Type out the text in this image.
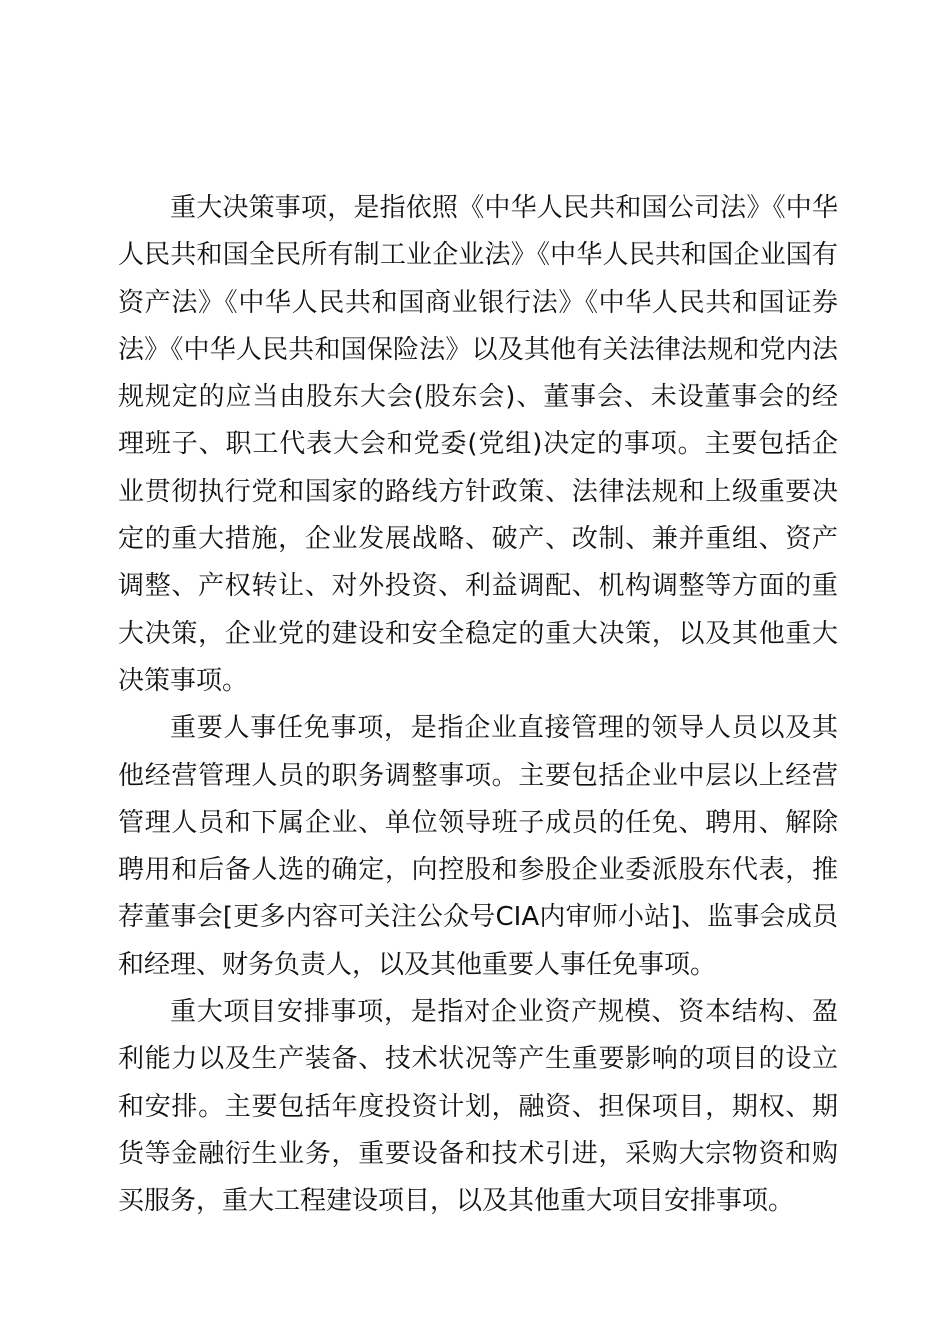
重大决策事项，是指依照《中华人民共和国公司法》《中华人民共和国全民所有制工业企业法》《中华人民共和国企业国有资产法》《中华人民共和国商业银行法》《中华人民共和国证券法》《中华人民共和国保险法》以及其他有关法律法规和党内法规规定的应当由股东大会(股东会)、董事会、未设董事会的经理班子、职工代表大会和党委(党组)决定的事项。主要包括企业贯彻执行党和国家的路线方针政策、法律法规和上级重要决定的重大措施，企业发展战略、破产、改制、兼并重组、资产调整、产权转让、对外投资、利益调配、机构调整等方面的重大决策，企业党的建设和安全稳定的重大决策，以及其他重大决策事项。

重要人事任免事项，是指企业直接管理的领导人员以及其他经营管理人员的职务调整事项。主要包括企业中层以上经营管理人员和下属企业、单位领导班子成员的任免、聘用、解除聘用和后备人选的确定，向控股和参股企业委派股东代表，推荐董事会[更多内容可关注公众号CIA内审师小站]、监事会成员和经理、财务负责人，以及其他重要人事任免事项。

重大项目安排事项，是指对企业资产规模、资本结构、盈利能力以及生产装备、技术状况等产生重要影响的项目的设立和安排。主要包括年度投资计划，融资、担保项目，期权、期货等金融衍生业务，重要设备和技术引进，采购大宗物资和购买服务，重大工程建设项目，以及其他重大项目安排事项。
